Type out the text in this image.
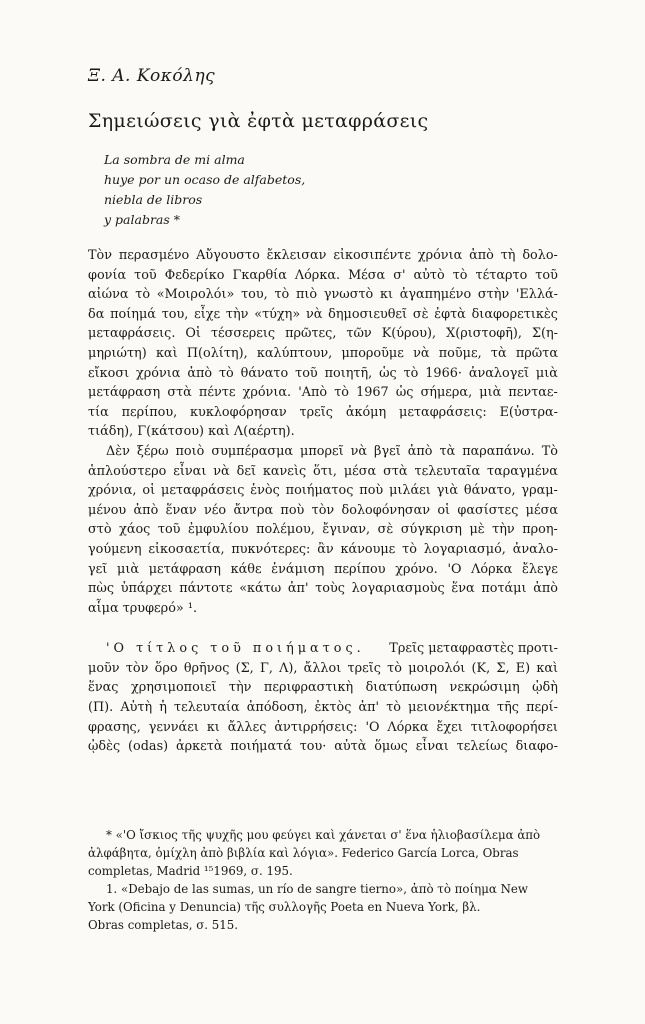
Ξ. Α. Κοκόλης
Σημειώσεις γιὰ ἐφτὰ μεταφράσεις
La sombra de mi alma
huye por un ocaso de alfabetos,
niebla de libros
y palabras *
Τὸν περασμένο Αὔγουστο ἔκλεισαν εἰκοσιπέντε χρόνια ἀπὸ τὴ δολο-
φονία τοῦ Φεδερίκο Γκαρθία Λόρκα. Μέσα σ' αὐτὸ τὸ τέταρτο τοῦ
αἰώνα τὸ «Μοιρολόι» του, τὸ πιὸ γνωστὸ κι ἀγαπημένο στὴν 'Ελλά-
δα ποίημά του, εἶχε τὴν «τύχη» νὰ δημοσιευθεῖ σὲ ἐφτὰ διαφορετικὲς
μεταφράσεις. Οἱ τέσσερεις πρῶτες, τῶν Κ(ύρου), Χ(ριστοφῆ), Σ(η-
μηριώτη) καὶ Π(ολίτη), καλύπτουν, μποροῦμε νὰ ποῦμε, τὰ πρῶτα
εἴκοσι χρόνια ἀπὸ τὸ θάνατο τοῦ ποιητῆ, ὡς τὸ 1966· ἀναλογεῖ μιὰ
μετάφραση στὰ πέντε χρόνια. 'Απὸ τὸ 1967 ὡς σήμερα, μιὰ πενταε-
τία περίπου, κυκλοφόρησαν τρεῖς ἀκόμη μεταφράσεις: Ε(ὐστρα-
τιάδη),
Γ(κάτσου)
καὶ
Λ(αέρτη).

Δὲν ξέρω ποιὸ συμπέρασμα μπορεῖ νὰ βγεῖ ἀπὸ τὰ παραπάνω. Τὸ
ἁπλούστερο εἶναι νὰ δεῖ κανεὶς ὅτι, μέσα στὰ τελευταῖα ταραγμένα
χρόνια, οἱ μεταφράσεις ἑνὸς ποιήματος ποὺ μιλάει γιὰ θάνατο, γραμ-
μένου ἀπὸ ἕναν νέο ἄντρα ποὺ τὸν δολοφόνησαν οἱ φασίστες μέσα
στὸ χάος τοῦ ἐμφυλίου πολέμου, ἔγιναν, σὲ σύγκριση μὲ τὴν προη-
γούμενη εἰκοσαετία, πυκνότερες: ἂν κάνουμε τὸ λογαριασμό, ἀναλο-
γεῖ μιὰ μετάφραση κάθε ἑνάμιση περίπου χρόνο. 'Ο Λόρκα ἔλεγε
πὼς ὑπάρχει πάντοτε «κάτω ἀπ' τοὺς λογαριασμοὺς ἕνα ποτάμι ἀπὸ
αἷμα
τρυφερό»
¹.

'Ο τίτλος τοῦ ποιήματος. Τρεῖς μεταφραστὲς προτι-
μοῦν τὸν ὅρο θρῆνος (Σ, Γ, Λ), ἄλλοι τρεῖς τὸ μοιρολόι (Κ, Σ, Ε) καὶ
ἕνας χρησιμοποιεῖ τὴν περιφραστικὴ διατύπωση νεκρώσιμη ᾠδὴ
(Π). Αὐτὴ ἡ τελευταία ἀπόδοση, ἐκτὸς ἀπ' τὸ μειονέκτημα τῆς περί-
φρασης, γεννάει κι ἄλλες ἀντιρρήσεις: 'Ο Λόρκα ἔχει τιτλοφορήσει
ᾠδὲς (odas) ἀρκετὰ ποιήματά του· αὐτὰ ὅμως εἶναι τελείως διαφο-
* «'Ο ἴσκιος τῆς ψυχῆς μου φεύγει καὶ χάνεται σ' ἕνα ἡλιοβασίλεμα ἀπὸ
ἀλφάβητα, ὁμίχλη ἀπὸ βιβλία καὶ λόγια». Federico García Lorca, Obras
completas, Madrid ¹⁵1969, σ. 195.
1. «Debajo de las sumas, un río de sangre tierno», ἀπὸ τὸ ποίημα New
York (Oficina y Denuncia) τῆς συλλογῆς Poeta en Nueva York, βλ.
Obras completas, σ. 515.
